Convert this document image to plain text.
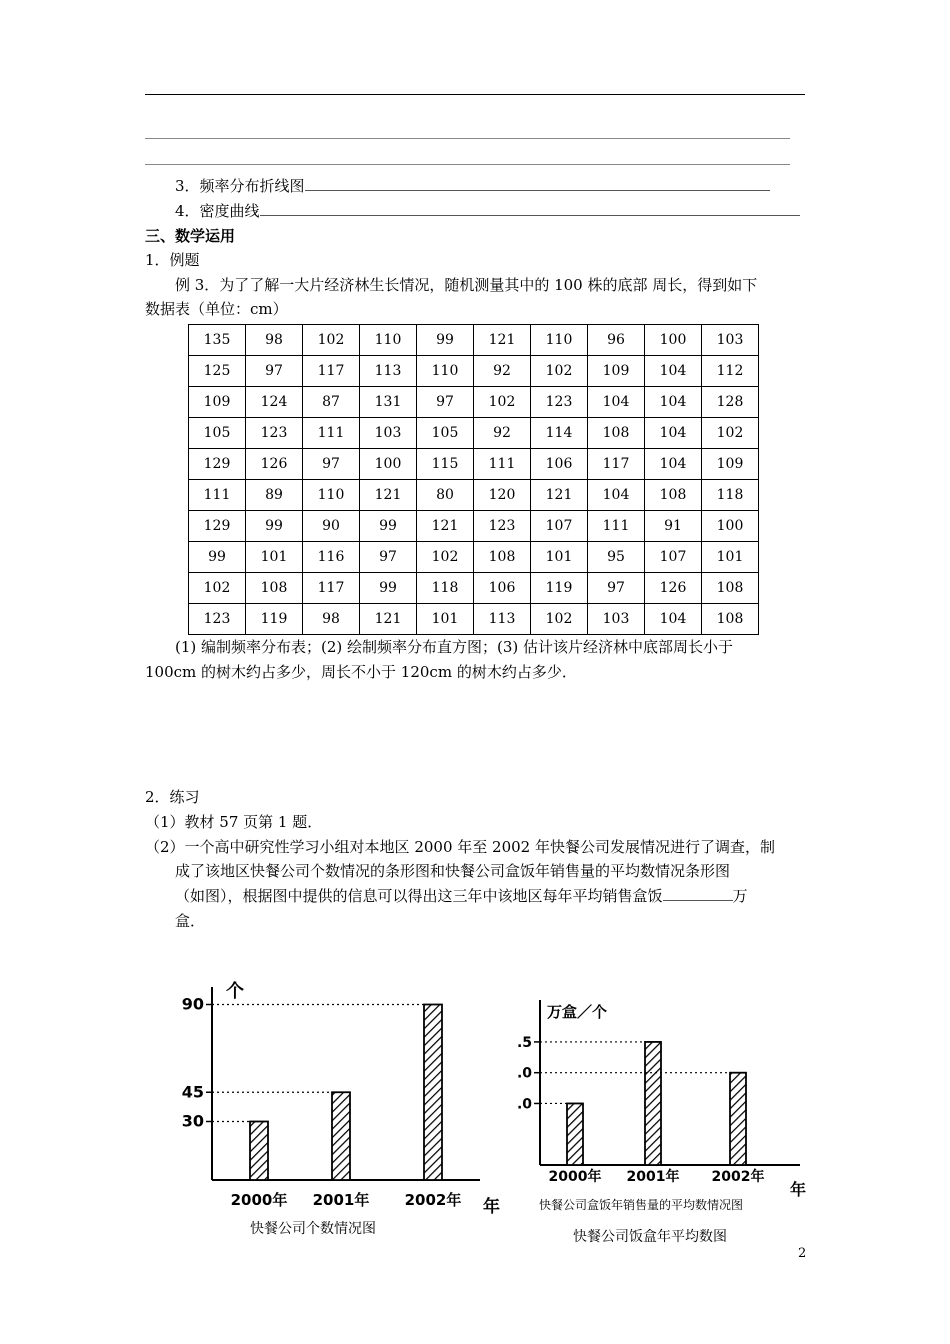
3．频率分布折线图
4．密度曲线
三、数学运用
1．例题
例 3．为了了解一大片经济林生长情况，随机测量其中的 100 株的底部 周长，得到如下
数据表（单位：cm）
135	98	102	110	99	121	110	96	100	103
125	97	117	113	110	92	102	109	104	112
109	124	87	131	97	102	123	104	104	128
105	123	111	103	105	92	114	108	104	102
129	126	97	100	115	111	106	117	104	109
111	89	110	121	80	120	121	104	108	118
129	99	90	99	121	123	107	111	91	100
99	101	116	97	102	108	101	95	107	101
102	108	117	99	118	106	119	97	126	108
123	119	98	121	101	113	102	103	104	108
(1) 编制频率分布表；(2) 绘制频率分布直方图；(3) 估计该片经济林中底部周长小于
100cm 的树木约占多少，周长不小于 120cm 的树木约占多少．
2．练习
（1）教材 57 页第 1 题．
（2）一个高中研究性学习小组对本地区 2000 年至 2002 年快餐公司发展情况进行了调查，制
成了该地区快餐公司个数情况的条形图和快餐公司盒饭年销售量的平均数情况条形图
（如图），根据图中提供的信息可以得出这三年中该地区每年平均销售盒饭	万
盒．
个
年
30
2000年
45
2001年
90
2002年
快餐公司个数情况图
万盒／个
年
.0
2000年
.5
2001年
.0
2002年
快餐公司盒饭年销售量的平均数情况图
快餐公司饭盒年平均数图
2
